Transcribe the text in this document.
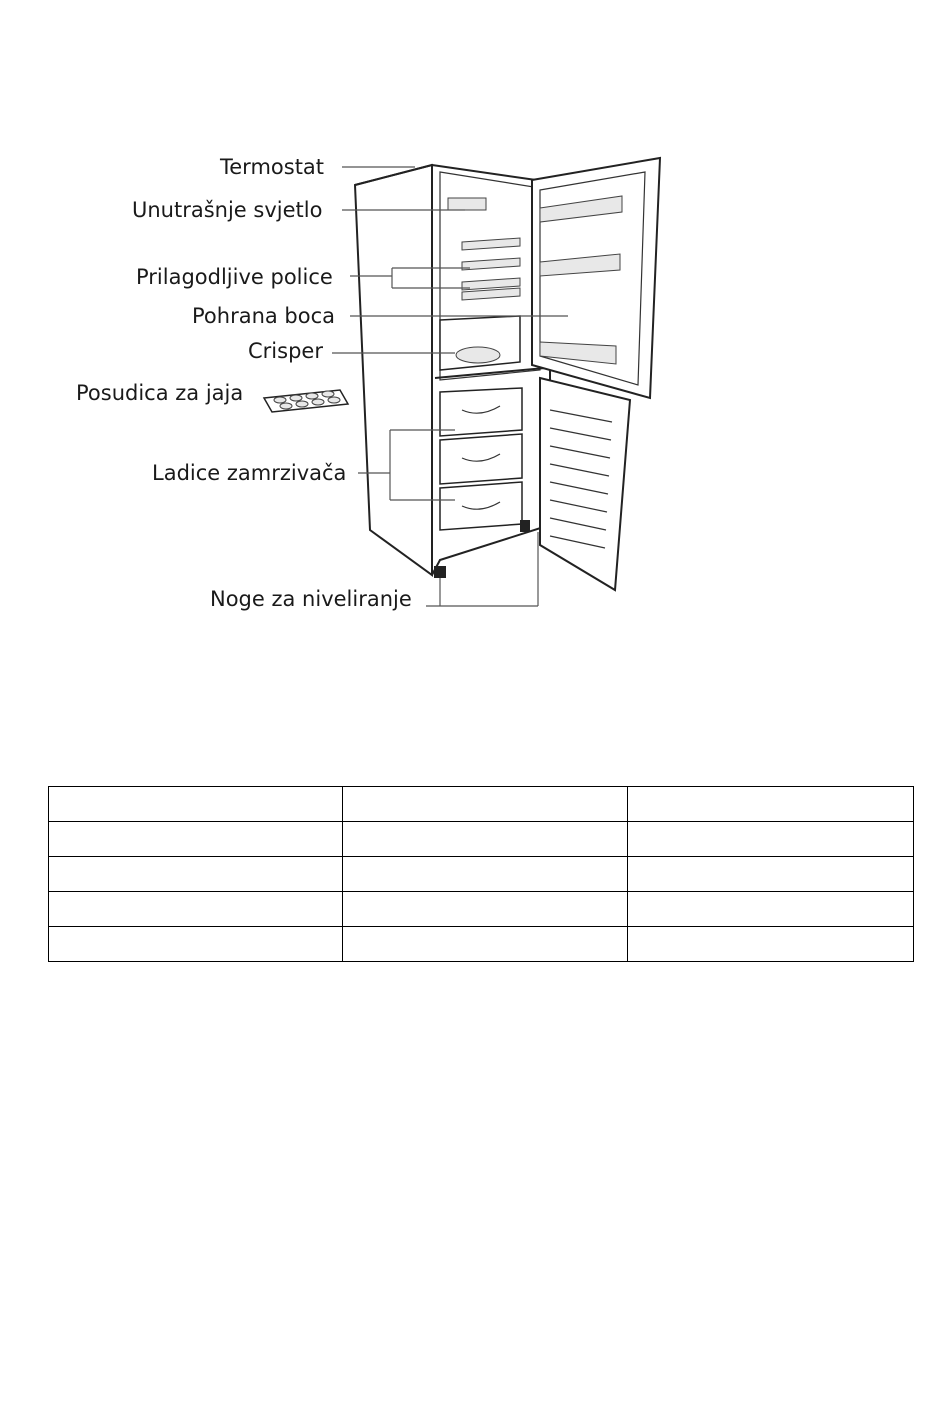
Termostat
Unutrašnje svjetlo
Prilagodljive police
Pohrana boca
Crisper
Posudica za jaja
Ladice zamrzivača
Noge za niveliranje
